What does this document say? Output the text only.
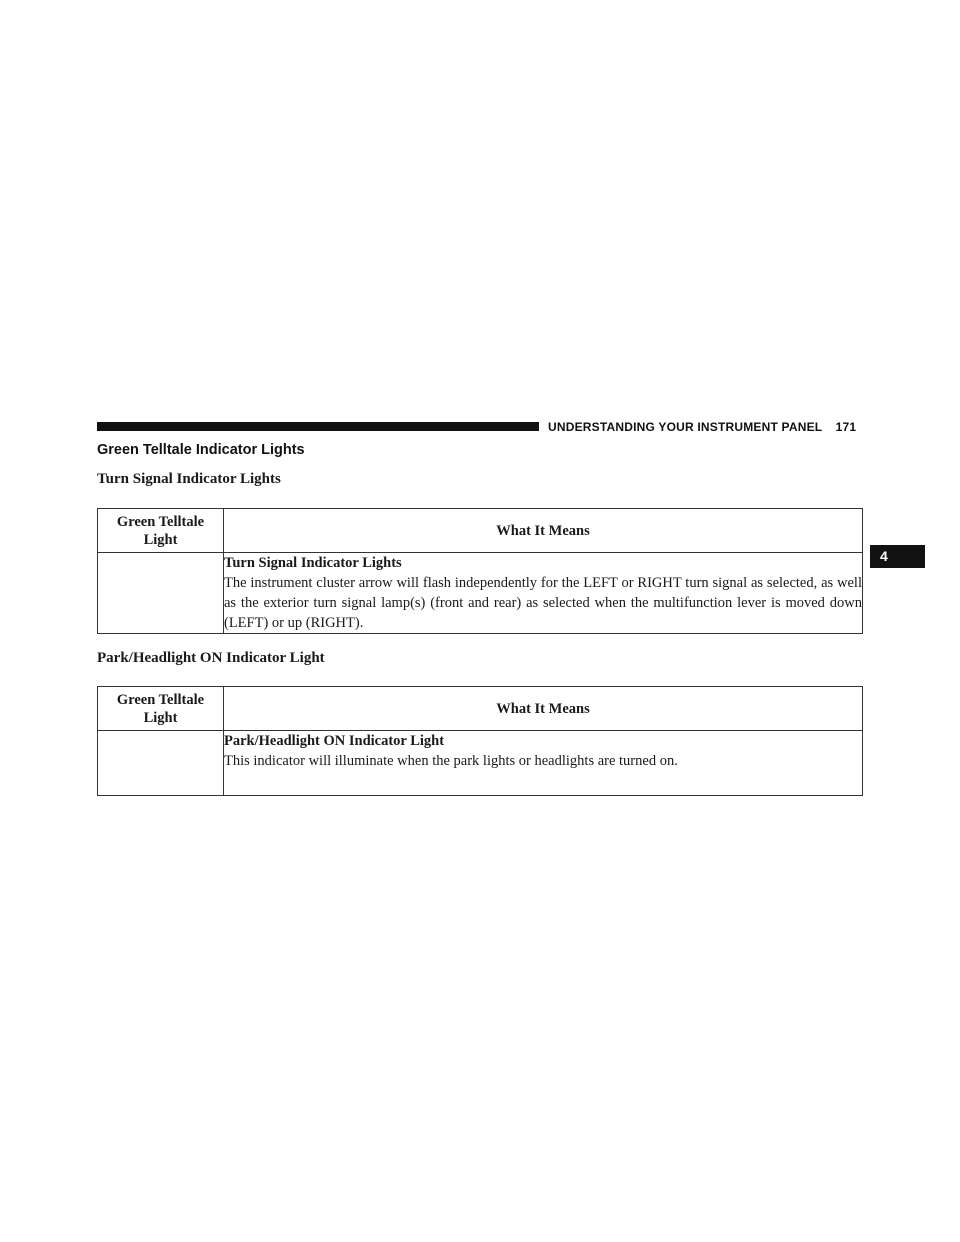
UNDERSTANDING YOUR INSTRUMENT PANEL 171
4
Green Telltale Indicator Lights
Turn Signal Indicator Lights
Green Telltale
Light	What It Means

	Turn Signal Indicator Lights
The instrument cluster arrow will flash independently for the LEFT or RIGHT turn signal as selected, as well as the exterior turn signal lamp(s) (front and rear) as selected when the multifunction lever is moved down (LEFT) or up (RIGHT).
Park/Headlight ON Indicator Light
Green Telltale
Light	What It Means

	Park/Headlight ON Indicator Light
This indicator will illuminate when the park lights or headlights are turned on.
